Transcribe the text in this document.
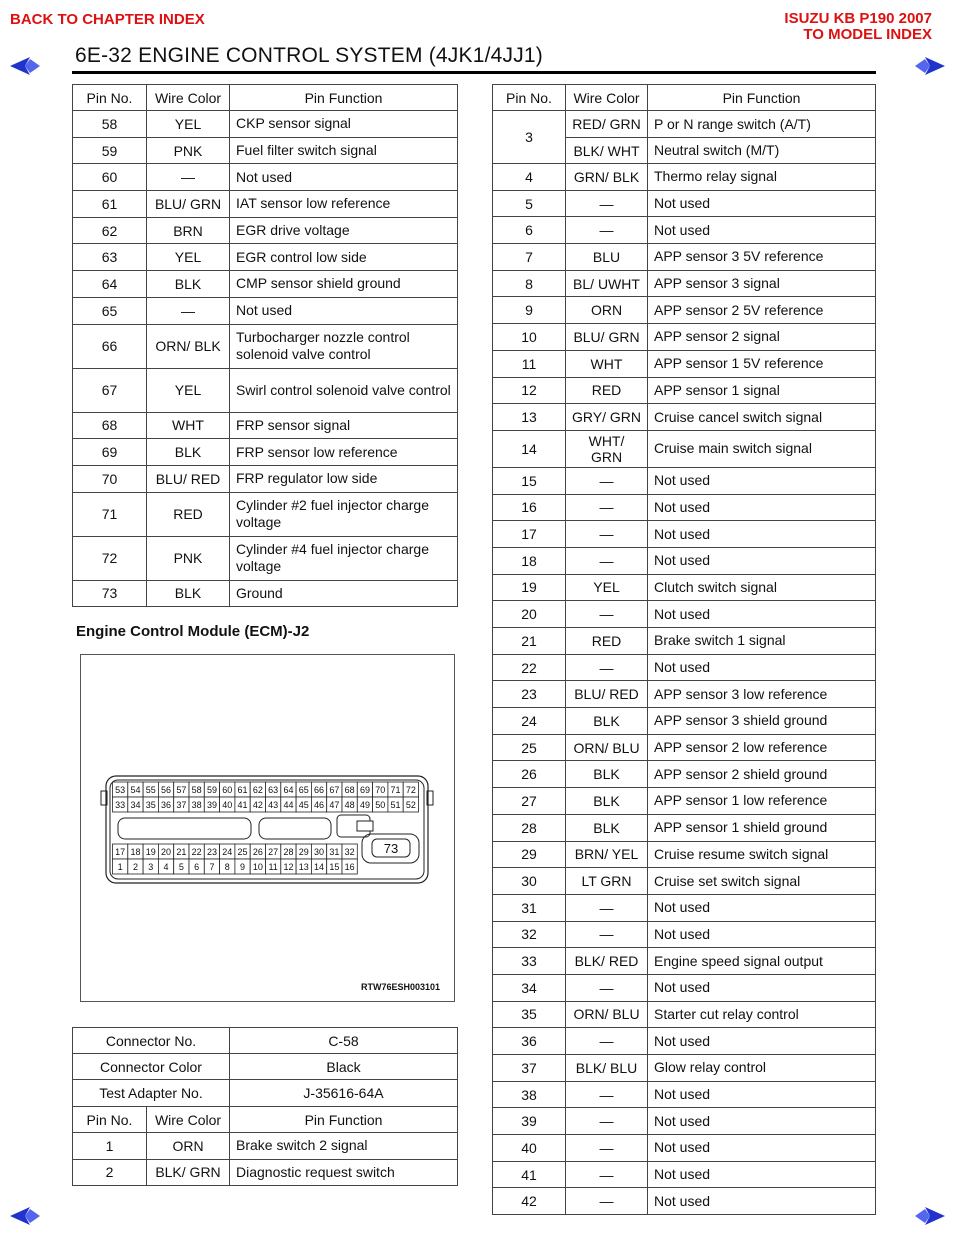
BACK TO CHAPTER INDEX	ISUZU KB P190 2007
TO MODEL INDEX
6E-32 ENGINE CONTROL SYSTEM (4JK1/4JJ1)
Pin No.	Wire Color	Pin Function
58	YEL	CKP sensor signal
59	PNK	Fuel filter switch signal
60	—	Not used
61	BLU/ GRN	IAT sensor low reference
62	BRN	EGR drive voltage
63	YEL	EGR control low side
64	BLK	CMP sensor shield ground
65	—	Not used
66	ORN/ BLK	Turbocharger nozzle control solenoid valve control
67	YEL	Swirl control solenoid valve control
68	WHT	FRP sensor signal
69	BLK	FRP sensor low reference
70	BLU/ RED	FRP regulator low side
71	RED	Cylinder #2 fuel injector charge voltage
72	PNK	Cylinder #4 fuel injector charge voltage
73	BLK	Ground
Engine Control Module (ECM)-J2
53 54 55 56 57 58 59 60 61 62 63 64 65 66 67 68 69 70 71 72
33 34 35 36 37 38 39 40 41 42 43 44 45 46 47 48 49 50 51 52
17 18 19 20 21 22 23 24 25 26 27 28 29 30 31 32
1 2 3 4 5 6 7 8 9 10 11 12 13 14 15 16
73
RTW76ESH003101
Connector No.		C-58
Connector Color		Black
Test Adapter No.		J-35616-64A
Pin No.	Wire Color	Pin Function
1	ORN	Brake switch 2 signal
2	BLK/ GRN	Diagnostic request switch
Pin No.	Wire Color	Pin Function
3	RED/ GRN	P or N range switch (A/T)
	BLK/ WHT	Neutral switch (M/T)
4	GRN/ BLK	Thermo relay signal
5	—	Not used
6	—	Not used
7	BLU	APP sensor 3 5V reference
8	BL/ UWHT	APP sensor 3 signal
9	ORN	APP sensor 2 5V reference
10	BLU/ GRN	APP sensor 2 signal
11	WHT	APP sensor 1 5V reference
12	RED	APP sensor 1 signal
13	GRY/ GRN	Cruise cancel switch signal
14	WHT/ GRN	Cruise main switch signal
15	—	Not used
16	—	Not used
17	—	Not used
18	—	Not used
19	YEL	Clutch switch signal
20	—	Not used
21	RED	Brake switch 1 signal
22	—	Not used
23	BLU/ RED	APP sensor 3 low reference
24	BLK	APP sensor 3 shield ground
25	ORN/ BLU	APP sensor 2 low reference
26	BLK	APP sensor 2 shield ground
27	BLK	APP sensor 1 low reference
28	BLK	APP sensor 1 shield ground
29	BRN/ YEL	Cruise resume switch signal
30	LT GRN	Cruise set switch signal
31	—	Not used
32	—	Not used
33	BLK/ RED	Engine speed signal output
34	—	Not used
35	ORN/ BLU	Starter cut relay control
36	—	Not used
37	BLK/ BLU	Glow relay control
38	—	Not used
39	—	Not used
40	—	Not used
41	—	Not used
42	—	Not used
